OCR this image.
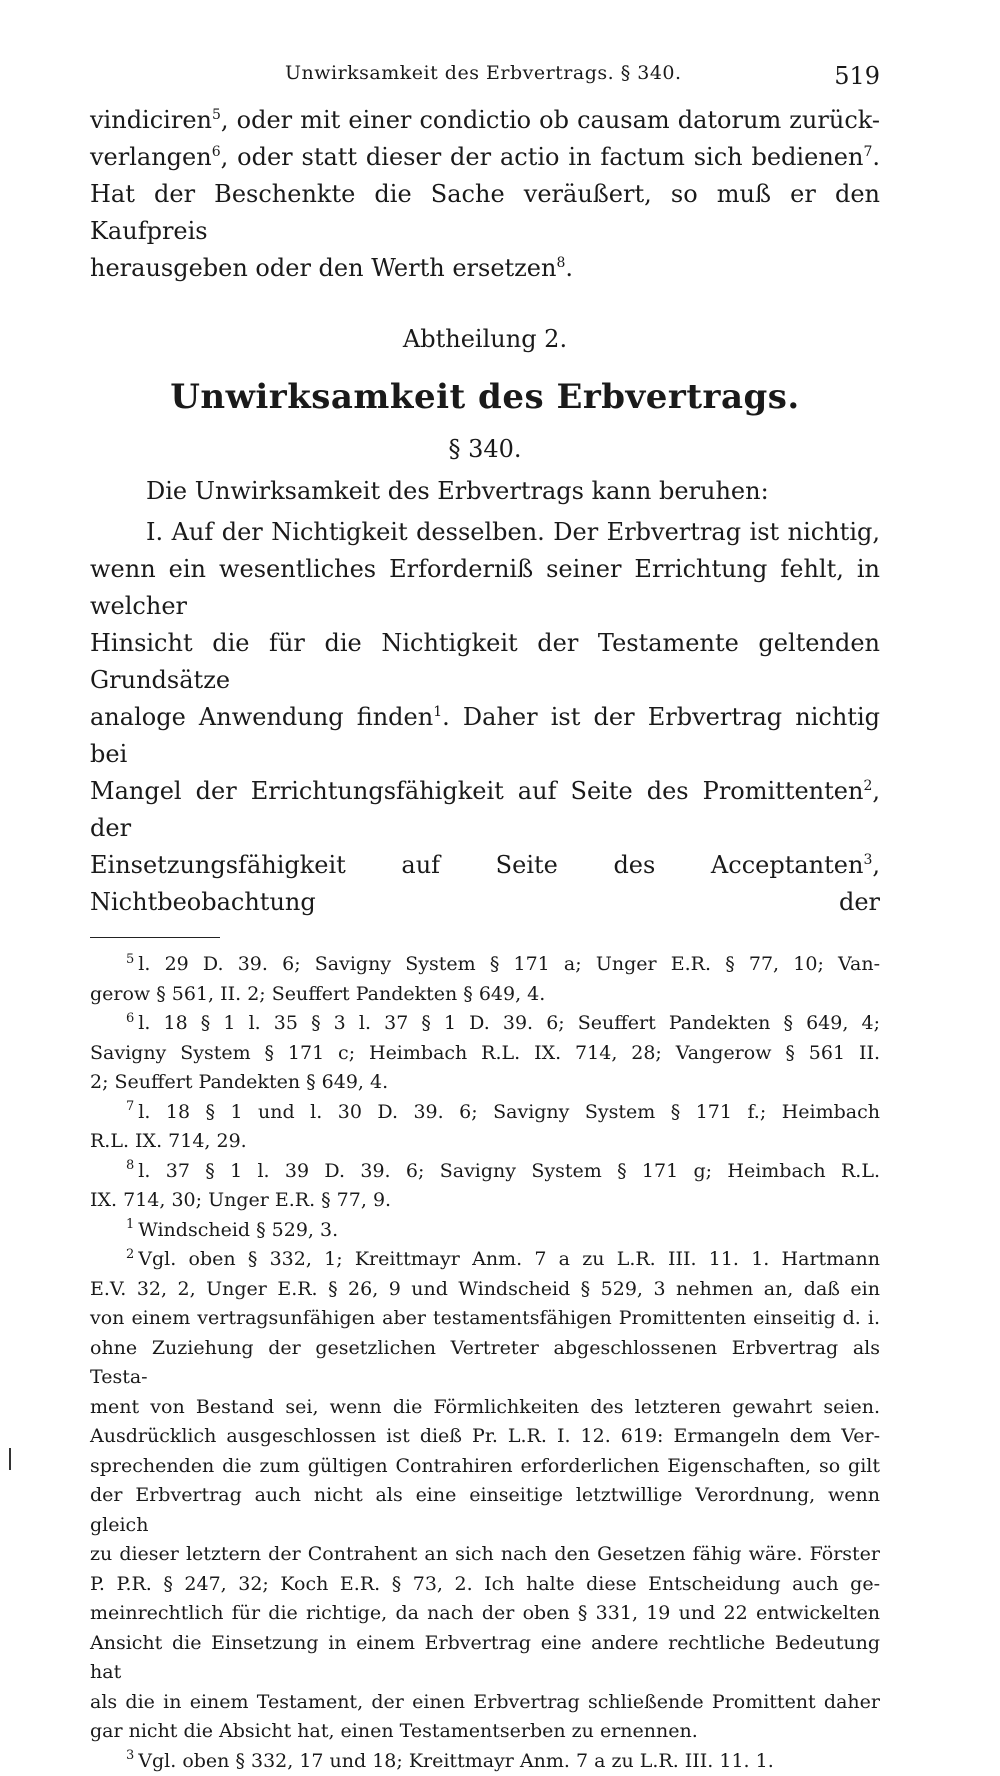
Unwirksamkeit des Erbvertrags. § 340.	519

vindiciren$^5$, oder mit einer condictio ob causam datorum zurück-
verlangen$^6$, oder statt dieser der actio in factum sich bedienen$^7$.
Hat der Beschenkte die Sache veräußert, so muß er den Kaufpreis
herausgeben oder den Werth ersetzen$^8$.

Abtheilung 2.
Unwirksamkeit des Erbvertrags.
§ 340.
Die Unwirksamkeit des Erbvertrags kann beruhen:

I. Auf der Nichtigkeit desselben. Der Erbvertrag ist nichtig,
wenn ein wesentliches Erforderniß seiner Errichtung fehlt, in welcher
Hinsicht die für die Nichtigkeit der Testamente geltenden Grundsätze
analoge Anwendung finden$^1$. Daher ist der Erbvertrag nichtig bei
Mangel der Errichtungsfähigkeit auf Seite des Promittenten$^2$, der
Einsetzungsfähigkeit auf Seite des Acceptanten$^3$, Nichtbeobachtung der

$^5$ l. 29 D. 39. 6; Savigny System § 171 a; Unger E.R. § 77, 10; Van-
gerow § 561, II. 2; Seuffert Pandekten § 649, 4.
$^6$ l. 18 § 1 l. 35 § 3 l. 37 § 1 D. 39. 6; Seuffert Pandekten § 649, 4;
Savigny System § 171 c; Heimbach R.L. IX. 714, 28; Vangerow § 561 II.
2; Seuffert Pandekten § 649, 4.
$^7$ l. 18 § 1 und l. 30 D. 39. 6; Savigny System § 171 f.; Heimbach
R.L. IX. 714, 29.
$^8$ l. 37 § 1 l. 39 D. 39. 6; Savigny System § 171 g; Heimbach R.L.
IX. 714, 30; Unger E.R. § 77, 9.
$^1$ Windscheid § 529, 3.
$^2$ Vgl. oben § 332, 1; Kreittmayr Anm. 7 a zu L.R. III. 11. 1. Hartmann
E.V. 32, 2, Unger E.R. § 26, 9 und Windscheid § 529, 3 nehmen an, daß ein
von einem vertragsunfähigen aber testamentsfähigen Promittenten einseitig d. i.
ohne Zuziehung der gesetzlichen Vertreter abgeschlossenen Erbvertrag als Testa-
ment von Bestand sei, wenn die Förmlichkeiten des letzteren gewahrt seien.
Ausdrücklich ausgeschlossen ist dieß Pr. L.R. I. 12. 619: Ermangeln dem Ver-
sprechenden die zum gültigen Contrahiren erforderlichen Eigenschaften, so gilt
der Erbvertrag auch nicht als eine einseitige letztwillige Verordnung, wenn gleich
zu dieser letztern der Contrahent an sich nach den Gesetzen fähig wäre. Förster
P. P.R. § 247, 32; Koch E.R. § 73, 2. Ich halte diese Entscheidung auch ge-
meinrechtlich für die richtige, da nach der oben § 331, 19 und 22 entwickelten
Ansicht die Einsetzung in einem Erbvertrag eine andere rechtliche Bedeutung hat
als die in einem Testament, der einen Erbvertrag schließende Promittent daher
gar nicht die Absicht hat, einen Testamentserben zu ernennen.
$^3$ Vgl. oben § 332, 17 und 18; Kreittmayr Anm. 7 a zu L.R. III. 11. 1.
